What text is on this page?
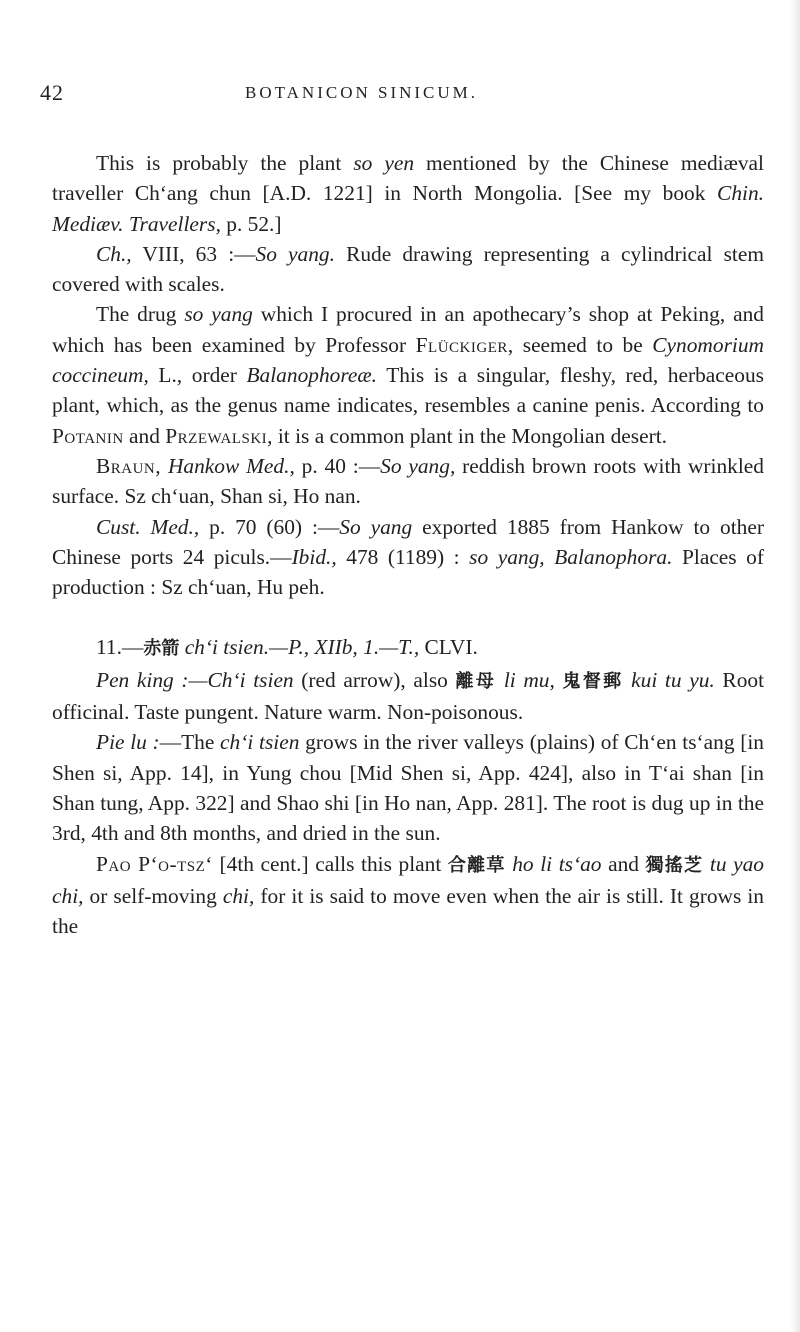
42	BOTANICON SINICUM.

This is probably the plant so yen mentioned by the Chinese mediæval traveller Ch‘ang chun [A.D. 1221] in North Mongolia. [See my book Chin. Mediæv. Travellers, p. 52.]

Ch., VIII, 63 :—So yang. Rude drawing representing a cylindrical stem covered with scales.

The drug so yang which I procured in an apothecary’s shop at Peking, and which has been examined by Professor Flückiger, seemed to be Cynomorium coccineum, L., order Balanophoreæ. This is a singular, fleshy, red, herbaceous plant, which, as the genus name indicates, resembles a canine penis. According to Potanin and Przewalski, it is a common plant in the Mongolian desert.

Braun, Hankow Med., p. 40 :—So yang, reddish brown roots with wrinkled surface. Sz ch‘uan, Shan si, Ho nan.

Cust. Med., p. 70 (60) :—So yang exported 1885 from Hankow to other Chinese ports 24 piculs.—Ibid., 478 (1189) : so yang, Balanophora. Places of production : Sz ch‘uan, Hu peh.

11.—赤箭 ch‘i tsien.—P., XIIb, 1.—T., CLVI.

Pen king :—Ch‘i tsien (red arrow), also 離母 li mu, 鬼督郵 kui tu yu. Root officinal. Taste pungent. Nature warm. Non-poisonous.

Pie lu :—The ch‘i tsien grows in the river valleys (plains) of Ch‘en ts‘ang [in Shen si, App. 14], in Yung chou [Mid Shen si, App. 424], also in T‘ai shan [in Shan tung, App. 322] and Shao shi [in Ho nan, App. 281]. The root is dug up in the 3rd, 4th and 8th months, and dried in the sun.

Pao P‘o-tsz‘ [4th cent.] calls this plant 合離草 ho li ts‘ao and 獨搖芝 tu yao chi, or self-moving chi, for it is said to move even when the air is still. It grows in the
